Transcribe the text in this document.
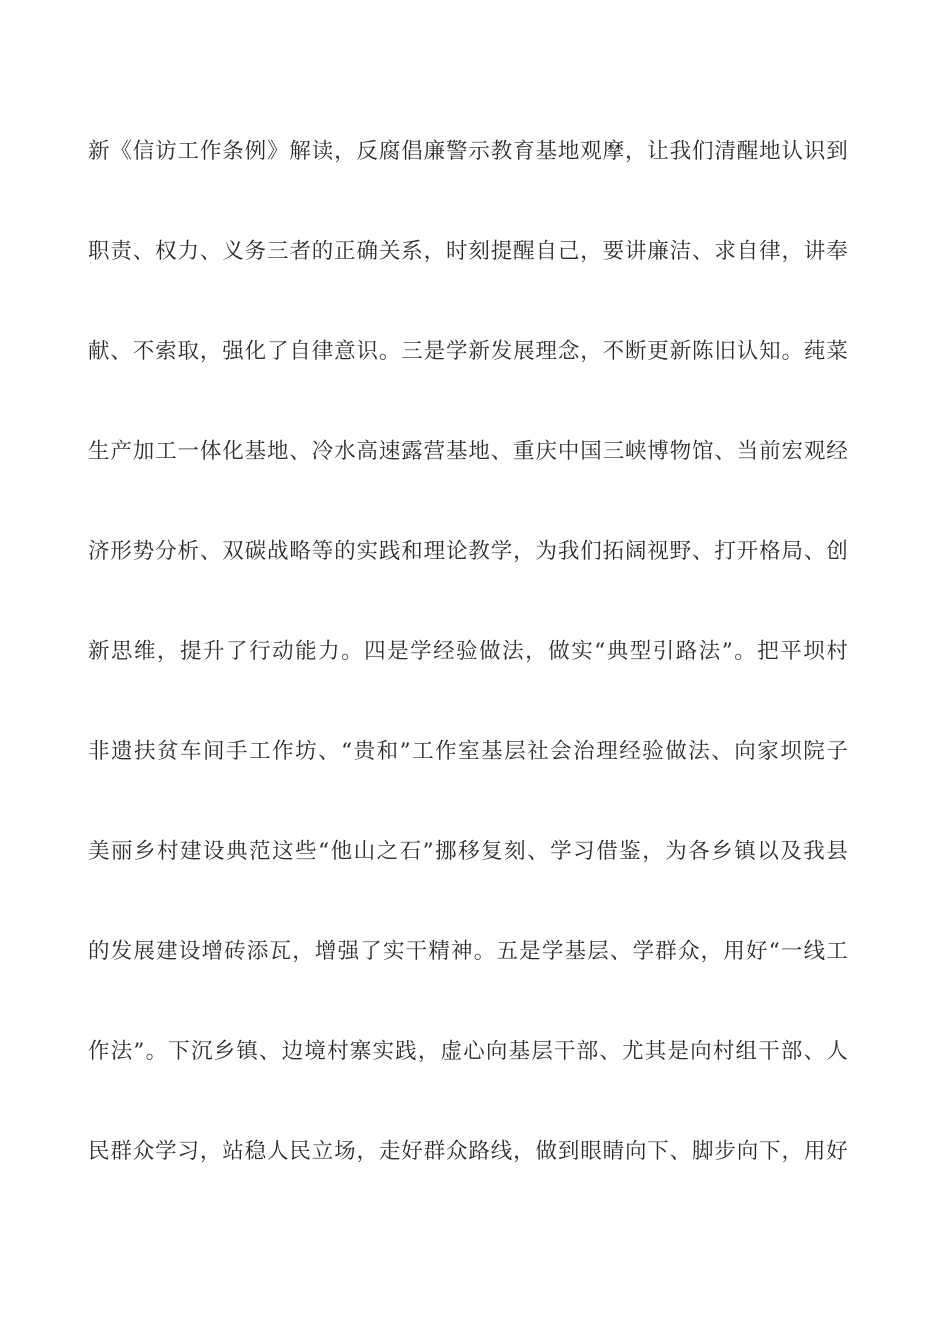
新《信访工作条例》解读，反腐倡廉警示教育基地观摩，让我们清醒地认识到
职责、权力、义务三者的正确关系，时刻提醒自己，要讲廉洁、求自律，讲奉
献、不索取，强化了自律意识。三是学新发展理念，不断更新陈旧认知。莼菜
生产加工一体化基地、冷水高速露营基地、重庆中国三峡博物馆、当前宏观经
济形势分析、双碳战略等的实践和理论教学，为我们拓阔视野、打开格局、创
新思维，提升了行动能力。四是学经验做法，做实“典型引路法”。把平坝村
非遗扶贫车间手工作坊、“贵和”工作室基层社会治理经验做法、向家坝院子
美丽乡村建设典范这些“他山之石”挪移复刻、学习借鉴，为各乡镇以及我县
的发展建设增砖添瓦，增强了实干精神。五是学基层、学群众，用好“一线工
作法”。下沉乡镇、边境村寨实践，虚心向基层干部、尤其是向村组干部、人
民群众学习，站稳人民立场，走好群众路线，做到眼睛向下、脚步向下，用好
